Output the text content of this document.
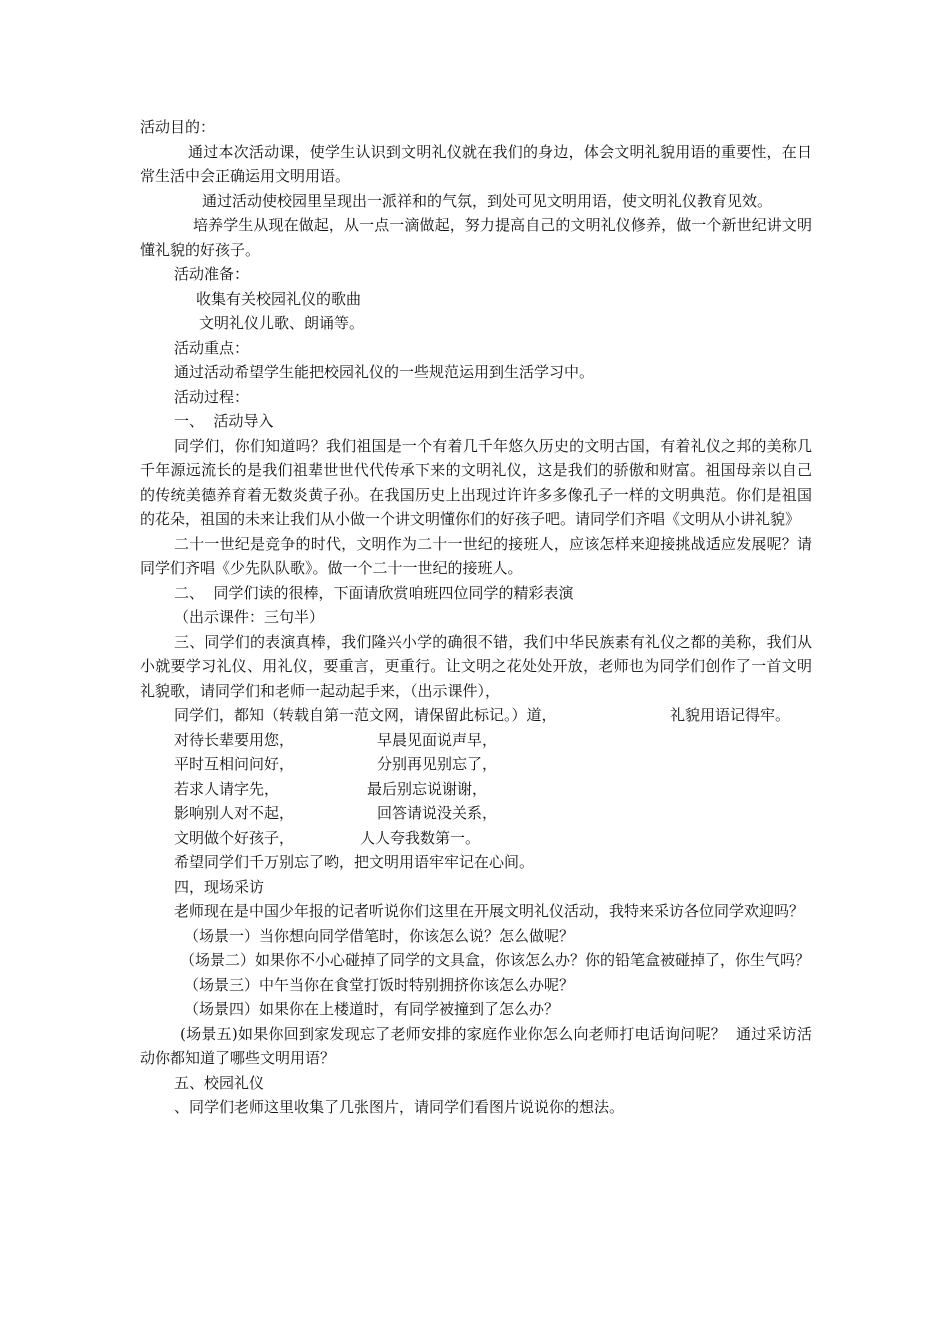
活动目的：

通过本次活动课，使学生认识到文明礼仪就在我们的身边，体会文明礼貌用语的重要性，在日常生活中会正确运用文明用语。

通过活动使校园里呈现出一派祥和的气氛，到处可见文明用语，使文明礼仪教育见效。

培养学生从现在做起，从一点一滴做起，努力提高自己的文明礼仪修养，做一个新世纪讲文明懂礼貌的好孩子。

活动准备：

收集有关校园礼仪的歌曲

文明礼仪儿歌、朗诵等。

活动重点：

通过活动希望学生能把校园礼仪的一些规范运用到生活学习中。

活动过程：

一、  活动导入

同学们，你们知道吗？我们祖国是一个有着几千年悠久历史的文明古国，有着礼仪之邦的美称几千年源远流长的是我们祖辈世世代代传承下来的文明礼仪，这是我们的骄傲和财富。祖国母亲以自己的传统美德养育着无数炎黄子孙。在我国历史上出现过许许多多像孔子一样的文明典范。你们是祖国的花朵，祖国的未来让我们从小做一个讲文明懂你们的好孩子吧。请同学们齐唱《文明从小讲礼貌》

二十一世纪是竞争的时代，文明作为二十一世纪的接班人，应该怎样来迎接挑战适应发展呢？请同学们齐唱《少先队队歌》。做一个二十一世纪的接班人。

二、  同学们读的很棒，下面请欣赏咱班四位同学的精彩表演

（出示课件：三句半）

三、同学们的表演真棒，我们隆兴小学的确很不错，我们中华民族素有礼仪之都的美称，我们从小就要学习礼仪、用礼仪，要重言，更重行。让文明之花处处开放，老师也为同学们创作了一首文明礼貌歌，请同学们和老师一起动起手来，（出示课件），

同学们，都知（转载自第一范文网，请保留此标记。）道，	礼貌用语记得牢。

对待长辈要用您，	早晨见面说声早，

平时互相问问好，	分别再见别忘了，

若求人请字先，	最后别忘说谢谢，

影响别人对不起，	回答请说没关系，

文明做个好孩子，	人人夸我数第一。

希望同学们千万别忘了哟，把文明用语牢牢记在心间。

四，现场采访

老师现在是中国少年报的记者听说你们这里在开展文明礼仪活动，我特来采访各位同学欢迎吗？

（场景一）当你想向同学借笔时，你该怎么说？怎么做呢？

（场景二）如果你不小心碰掉了同学的文具盒，你该怎么办？你的铅笔盒被碰掉了，你生气吗？

（场景三）中午当你在食堂打饭时特别拥挤你该怎么办呢？

（场景四）如果你在上楼道时，有同学被撞到了怎么办？

(场景五)如果你回到家发现忘了老师安排的家庭作业你怎么向老师打电话询问呢？  通过采访活动你都知道了哪些文明用语？

五、校园礼仪

、同学们老师这里收集了几张图片，请同学们看图片说说你的想法。
